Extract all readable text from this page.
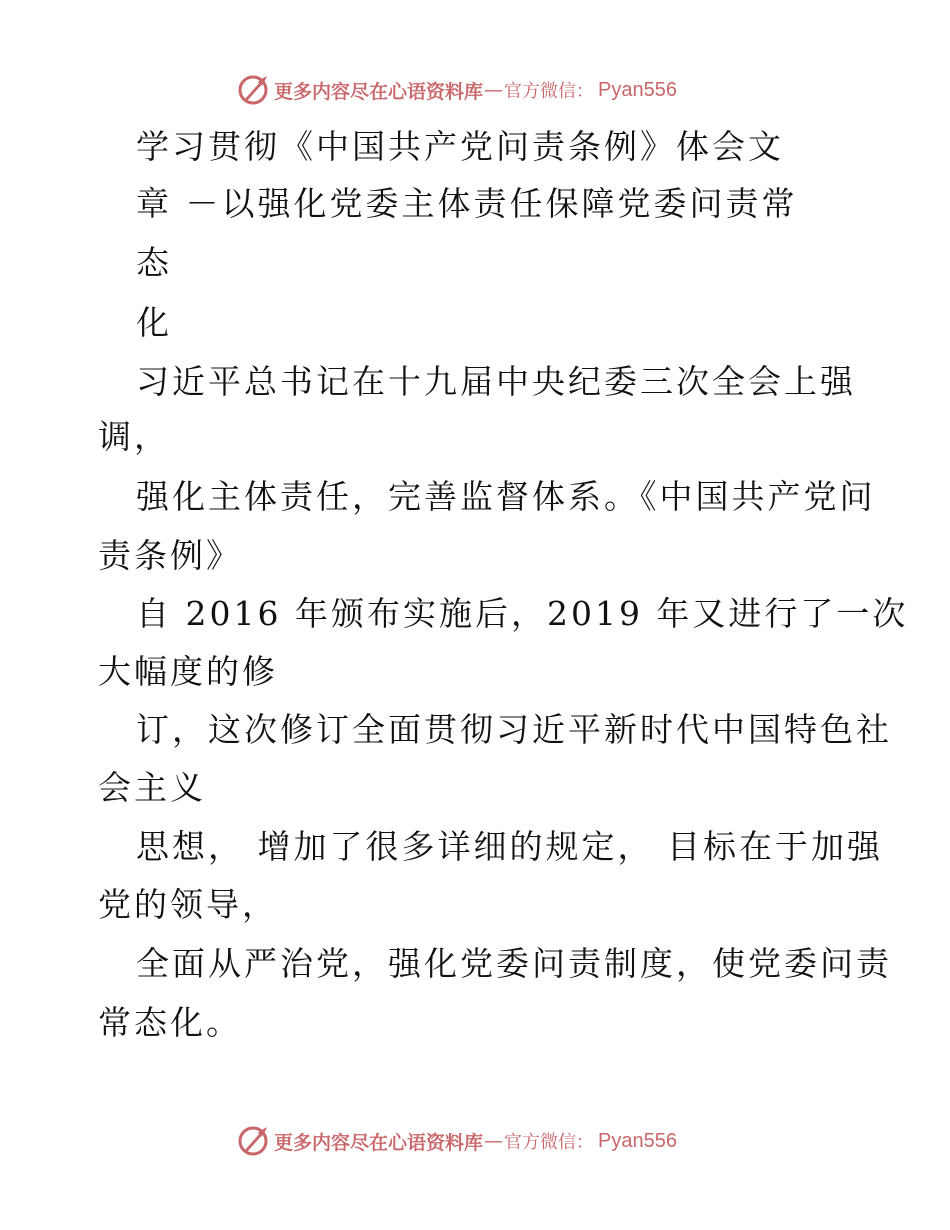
更多内容尽在心语资料库 — 官方微信： Pyan556
学习贯彻《中国共产党问责条例》体会文
章 －以强化党委主体责任保障党委问责常
态
化
习近平总书记在十九届中央纪委三次全会上强
调，
强化主体责任，完善监督体系。《中国共产党问
责条例》
自 2016 年颁布实施后，2019 年又进行了一次
大幅度的修
订，这次修订全面贯彻习近平新时代中国特色社
会主义
思想， 增加了很多详细的规定， 目标在于加强
党的领导，
全面从严治党，强化党委问责制度，使党委问责
常态化。
更多内容尽在心语资料库 — 官方微信： Pyan556
